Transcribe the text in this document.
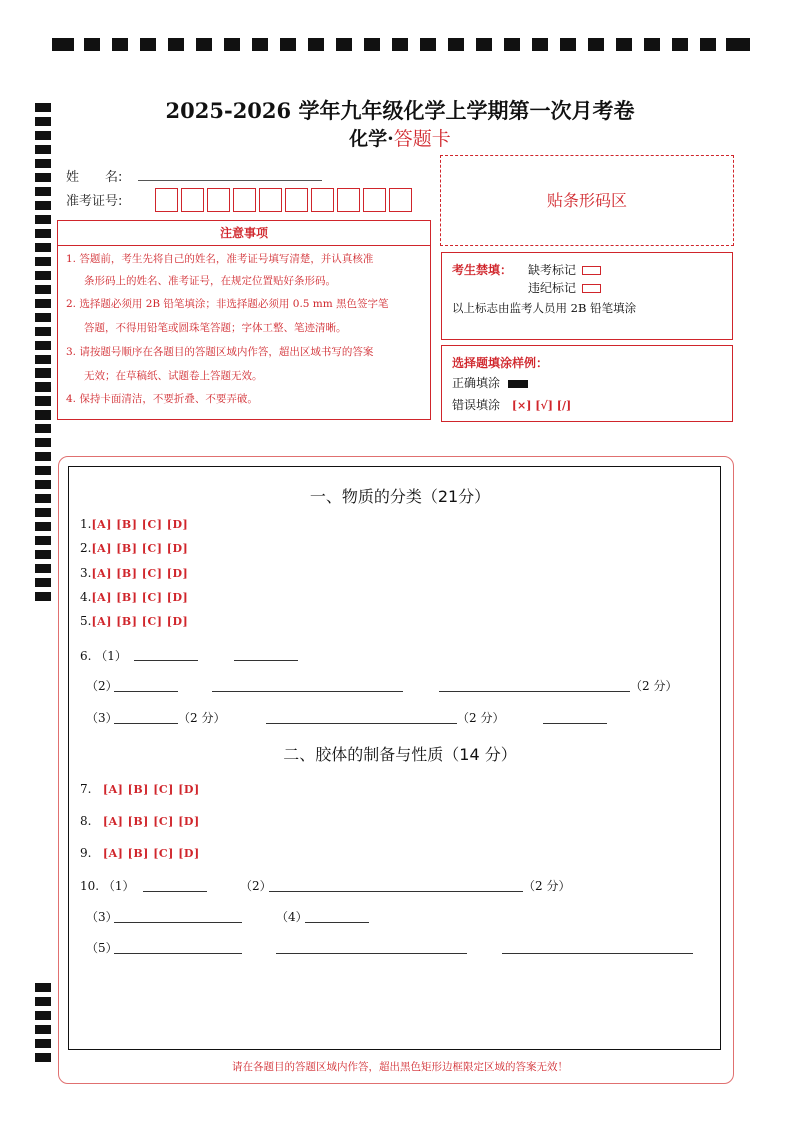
2025-2026 学年九年级化学上学期第一次月考卷
化学·答题卡
姓　　名:
准考证号:	贴条形码区
注意事项
1. 答题前，考生先将自己的姓名，准考证号填写清楚，并认真核准
条形码上的姓名、准考证号，在规定位置贴好条形码。
2. 选择题必须用 2B 铅笔填涂；非选择题必须用 0.5 mm 黑色签字笔
答题，不得用铅笔或圆珠笔答题；字体工整、笔迹清晰。
3. 请按题号顺序在各题目的答题区域内作答，超出区域书写的答案
无效；在草稿纸、试题卷上答题无效。
4. 保持卡面清洁，不要折叠、不要弄破。
考生禁填： 缺考标记
违纪标记
以上标志由监考人员用 2B 铅笔填涂
选择题填涂样例：
正确填涂
错误填涂 [×] [√] [/]
一、物质的分类（21分）
1.[A] [B] [C] [D]
2.[A] [B] [C] [D]
3.[A] [B] [C] [D]
4.[A] [B] [C] [D]
5.[A] [B] [C] [D]
6. （1）
（2）	（2 分）
（3）	（2 分）	（2 分）
二、胶体的制备与性质（14 分）
7. [A] [B] [C] [D]
8. [A] [B] [C] [D]
9. [A] [B] [C] [D]
10. （1）	（2）	（2 分）
（3）	（4）
（5）
请在各题目的答题区域内作答，超出黑色矩形边框限定区域的答案无效！
